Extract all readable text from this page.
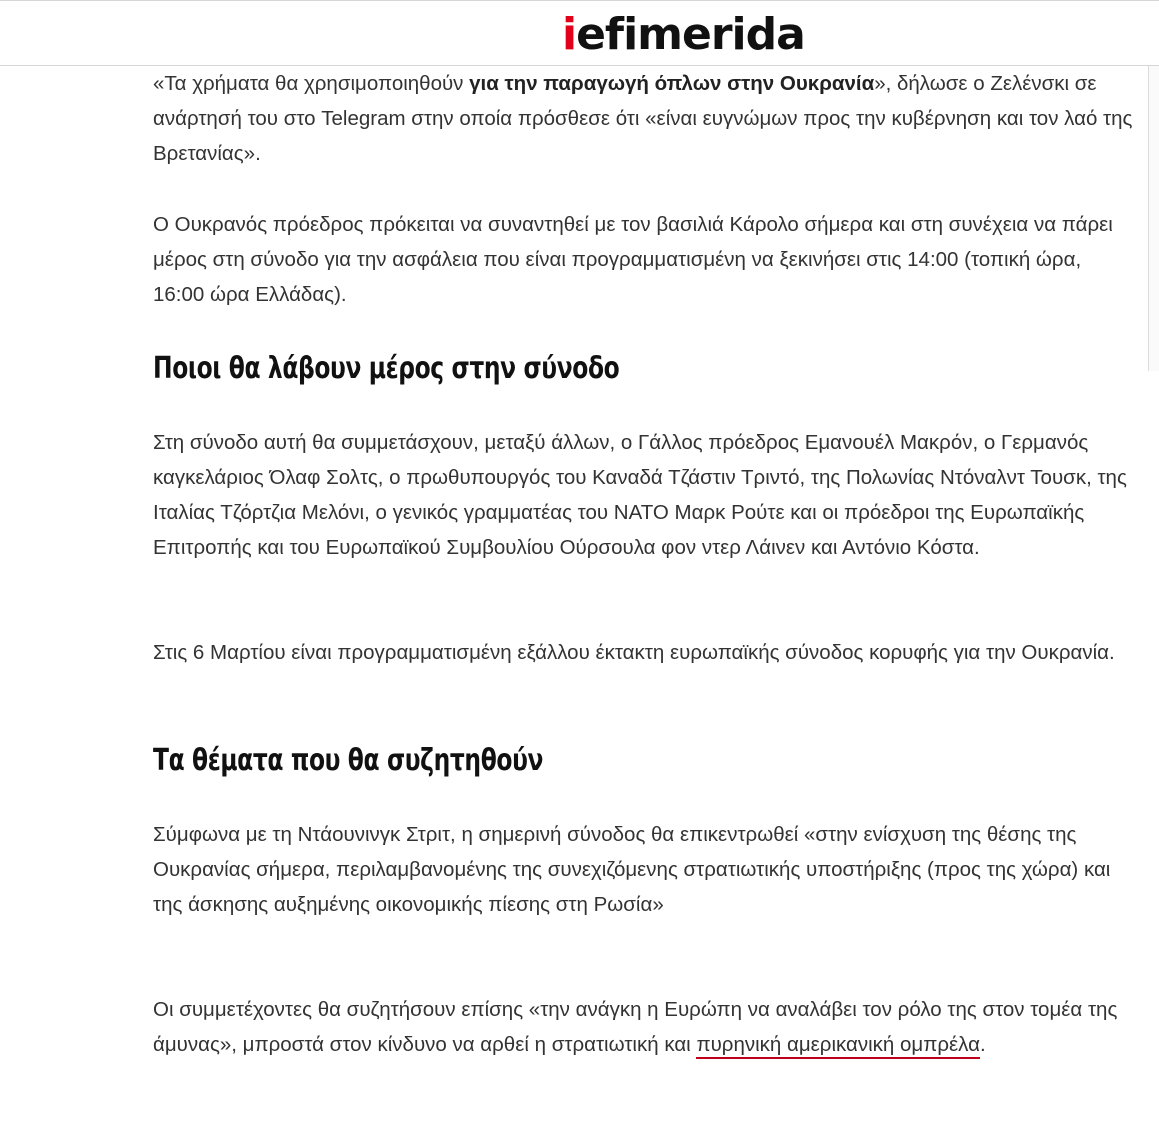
iefimerida

«Τα χρήματα θα χρησιμοποιηθούν για την παραγωγή όπλων στην Ουκρανία», δήλωσε ο Ζελένσκι σε ανάρτησή του στο Telegram στην οποία πρόσθεσε ότι «είναι ευγνώμων προς την κυβέρνηση και τον λαό της Βρετανίας».

Ο Ουκρανός πρόεδρος πρόκειται να συναντηθεί με τον βασιλιά Κάρολο σήμερα και στη συνέχεια να πάρει μέρος στη σύνοδο για την ασφάλεια που είναι προγραμματισμένη να ξεκινήσει στις 14:00 (τοπική ώρα, 16:00 ώρα Ελλάδας).

Ποιοι θα λάβουν μέρος στην σύνοδο

Στη σύνοδο αυτή θα συμμετάσχουν, μεταξύ άλλων, ο Γάλλος πρόεδρος Εμανουέλ Μακρόν, ο Γερμανός καγκελάριος Όλαφ Σολτς, ο πρωθυπουργός του Καναδά Τζάστιν Τριντό, της Πολωνίας Ντόναλντ Τουσκ, της Ιταλίας Τζόρτζια Μελόνι, ο γενικός γραμματέας του ΝΑΤΟ Μαρκ Ρούτε και οι πρόεδροι της Ευρωπαϊκής Επιτροπής και του Ευρωπαϊκού Συμβουλίου Ούρσουλα φον ντερ Λάινεν και Αντόνιο Κόστα.

Στις 6 Μαρτίου είναι προγραμματισμένη εξάλλου έκτακτη ευρωπαϊκής σύνοδος κορυφής για την Ουκρανία.

Τα θέματα που θα συζητηθούν

Σύμφωνα με τη Ντάουνινγκ Στριτ, η σημερινή σύνοδος θα επικεντρωθεί «στην ενίσχυση της θέσης της Ουκρανίας σήμερα, περιλαμβανομένης της συνεχιζόμενης στρατιωτικής υποστήριξης (προς της χώρα) και της άσκησης αυξημένης οικονομικής πίεσης στη Ρωσία»

Οι συμμετέχοντες θα συζητήσουν επίσης «την ανάγκη η Ευρώπη να αναλάβει τον ρόλο της στον τομέα της άμυνας», μπροστά στον κίνδυνο να αρθεί η στρατιωτική και πυρηνική αμερικανική ομπρέλα.
